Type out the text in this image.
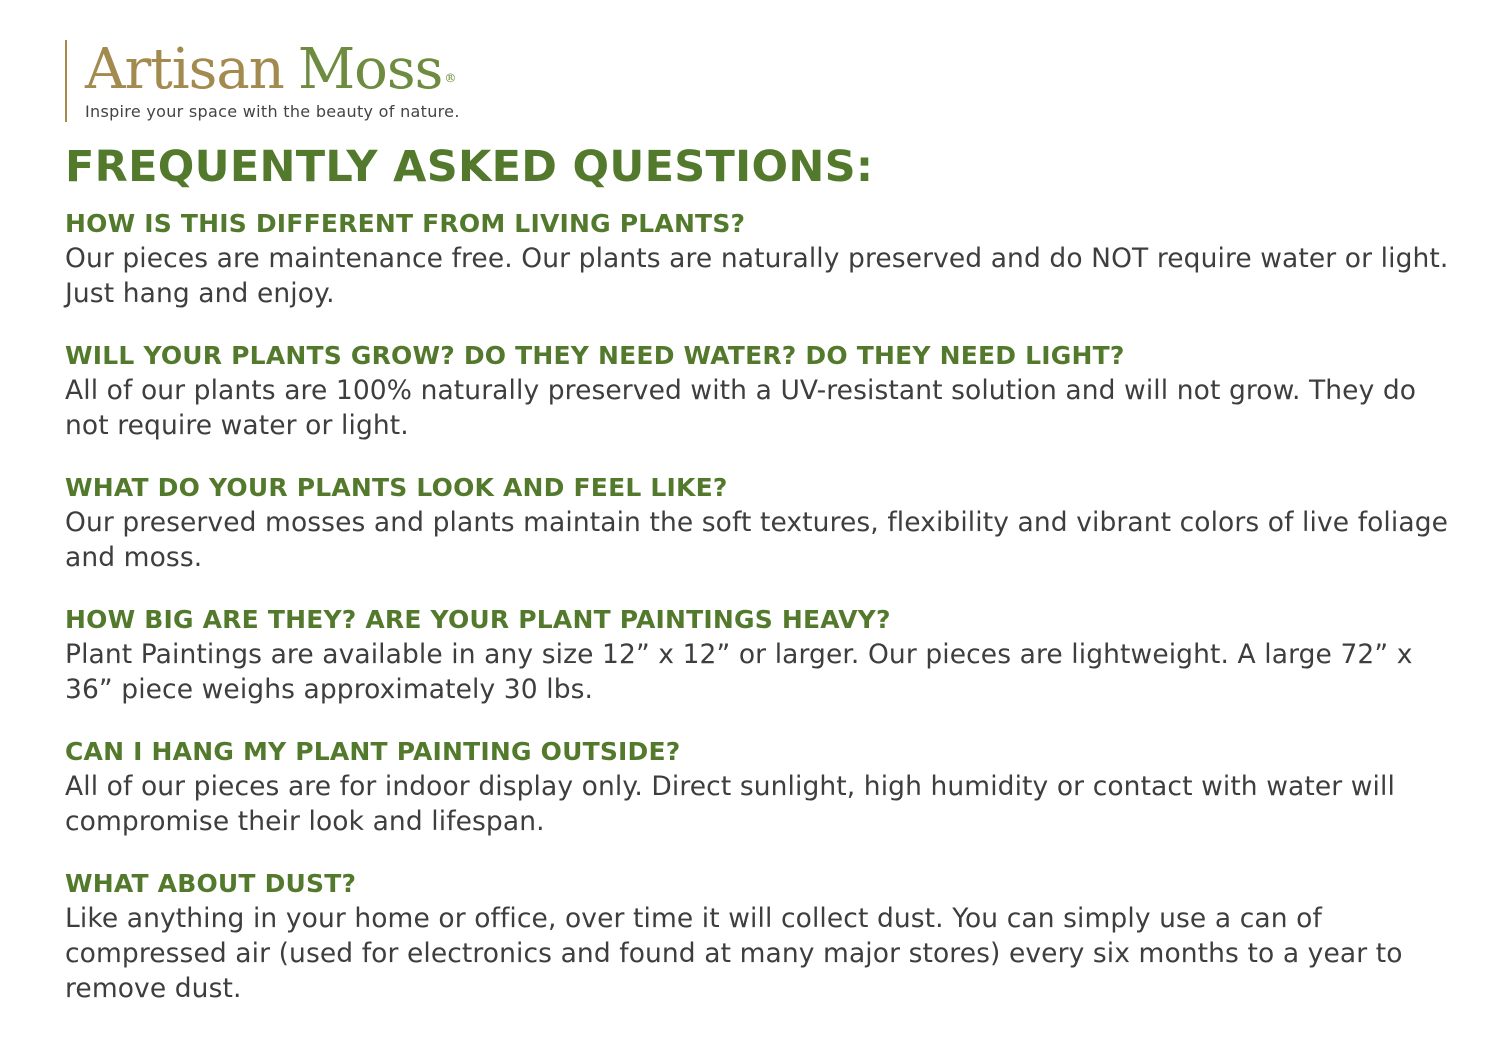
Artisan Moss ®
Inspire your space with the beauty of nature.
FREQUENTLY ASKED QUESTIONS:
HOW IS THIS DIFFERENT FROM LIVING PLANTS?
Our pieces are maintenance free. Our plants are naturally preserved and do NOT require water or light. Just hang and enjoy.
WILL YOUR PLANTS GROW? DO THEY NEED WATER? DO THEY NEED LIGHT?
All of our plants are 100% naturally preserved with a UV-resistant solution and will not grow. They do not require water or light.
WHAT DO YOUR PLANTS LOOK AND FEEL LIKE?
Our preserved mosses and plants maintain the soft textures, flexibility and vibrant colors of live foliage and moss.
HOW BIG ARE THEY? ARE YOUR PLANT PAINTINGS HEAVY?
Plant Paintings are available in any size 12” x 12” or larger. Our pieces are lightweight. A large 72” x 36” piece weighs approximately 30 lbs.
CAN I HANG MY PLANT PAINTING OUTSIDE?
All of our pieces are for indoor display only. Direct sunlight, high humidity or contact with water will compromise their look and lifespan.
WHAT ABOUT DUST?
Like anything in your home or office, over time it will collect dust. You can simply use a can of compressed air (used for electronics and found at many major stores) every six months to a year to remove dust.
